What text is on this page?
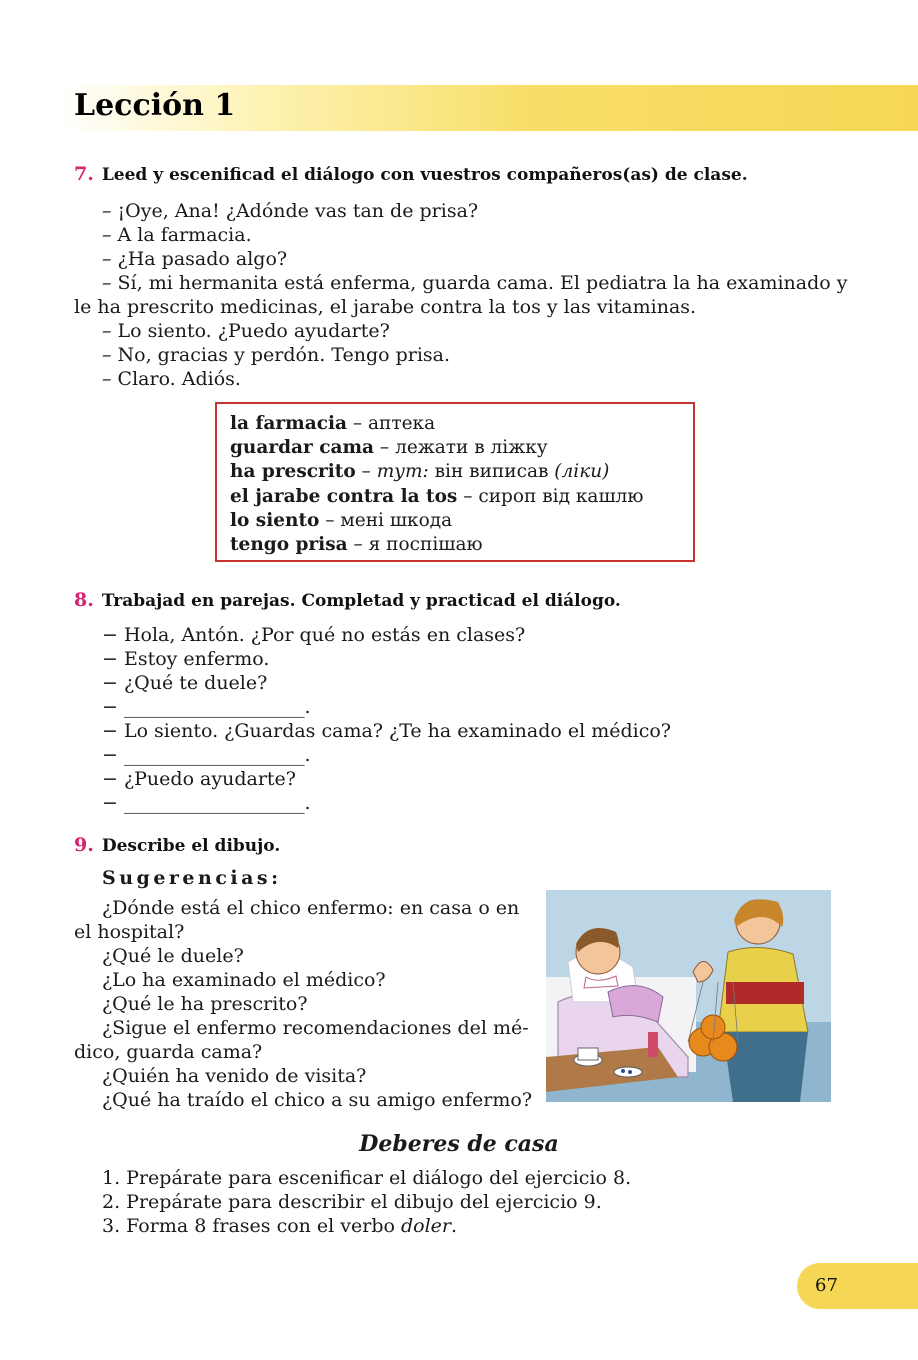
Lección 1
7. Leed y escenificad el diálogo con vuestros compañeros(as) de clase.
– ¡Oye, Ana! ¿Adónde vas tan de prisa?
– A la farmacia.
– ¿Ha pasado algo?
– Sí, mi hermanita está enferma, guarda cama. El pediatra la ha examinado y
le ha prescrito medicinas, el jarabe contra la tos y las vitaminas.
– Lo siento. ¿Puedo ayudarte?
– No, gracias y perdón. Tengo prisa.
– Claro. Adiós.
la farmacia – аптека
guardar cama – лежати в ліжку
ha prescrito – тут: він виписав (ліки)
el jarabe contra la tos – сироп від кашлю
lo siento – мені шкода
tengo prisa – я поспішаю
8. Trabajad en parejas. Completad y practicad el diálogo.
− Hola, Antón. ¿Por qué no estás en clases?
− Estoy enfermo.
− ¿Qué te duele?
− ___________________.
− Lo siento. ¿Guardas cama? ¿Te ha examinado el médico?
− ___________________.
− ¿Puedo ayudarte?
− ___________________.
9. Describe el dibujo.
Sugerencias:
¿Dónde está el chico enfermo: en casa o en
el hospital?
¿Qué le duele?
¿Lo ha examinado el médico?
¿Qué le ha prescrito?
¿Sigue el enfermo recomendaciones del mé-
dico, guarda cama?
¿Quién ha venido de visita?
¿Qué ha traído el chico a su amigo enfermo?
Deberes de casa
1. Prepárate para escenificar el diálogo del ejercicio 8.
2. Prepárate para describir el dibujo del ejercicio 9.
3. Forma 8 frases con el verbo doler.
67
